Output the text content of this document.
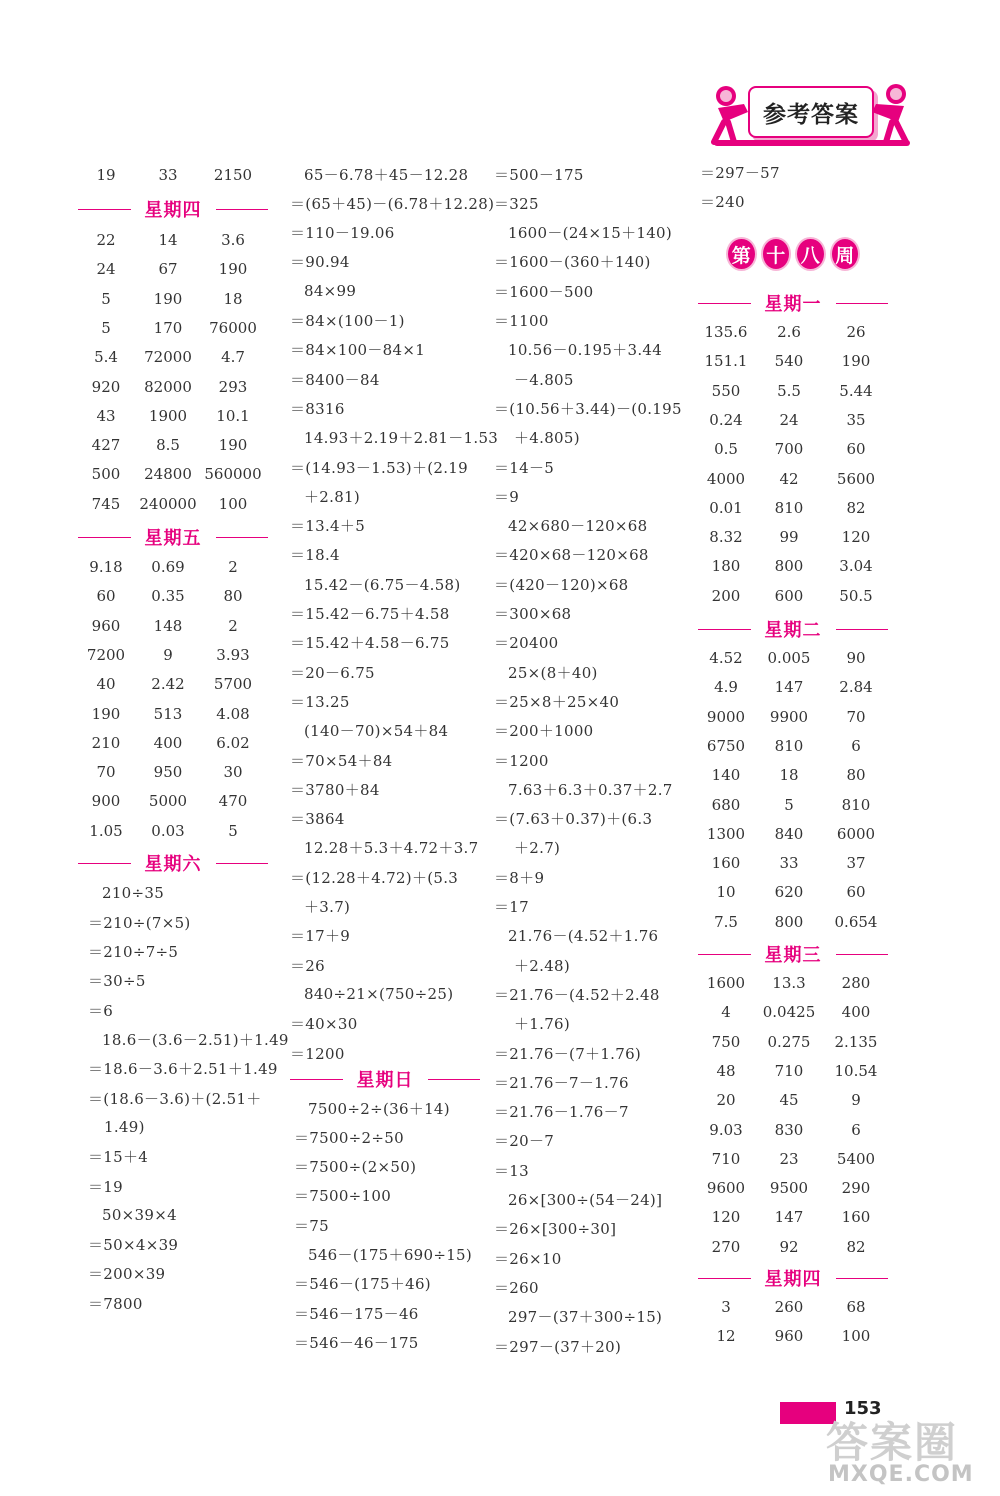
参考答案
19	33	2150
星期四
22	14	3.6
24	67	190
5	190	18
5	170	76000
5.4	72000	4.7
920	82000	293
43	1900	10.1
427	8.5	190
500	24800 560000
745	240000	100
星期五
9.18	0.69	2
60	0.35	80
960	148	2
7200	9	3.93
40	2.42	5700
190	513	4.08
210	400	6.02
70	950	30
900	5000	470
1.05	0.03	5
星期六
210÷35
＝210÷(7×5)
＝210÷7÷5
＝30÷5
＝6
18.6－(3.6－2.51)＋1.49
＝18.6－3.6＋2.51＋1.49
＝(18.6－3.6)＋(2.51＋
1.49)
＝15＋4
＝19
50×39×4
＝50×4×39
＝200×39
＝7800
65－6.78＋45－12.28
＝(65＋45)－(6.78＋12.28)
＝110－19.06
＝90.94
84×99
＝84×(100－1)
＝84×100－84×1
＝8400－84
＝8316
14.93＋2.19＋2.81－1.53
＝(14.93－1.53)＋(2.19
＋2.81)
＝13.4＋5
＝18.4
15.42－(6.75－4.58)
＝15.42－6.75＋4.58
＝15.42＋4.58－6.75
＝20－6.75
＝13.25
(140－70)×54＋84
＝70×54＋84
＝3780＋84
＝3864
12.28＋5.3＋4.72＋3.7
＝(12.28＋4.72)＋(5.3
＋3.7)
＝17＋9
＝26
840÷21×(750÷25)
＝40×30
＝1200
星期日
7500÷2÷(36＋14)
＝7500÷2÷50
＝7500÷(2×50)
＝7500÷100
＝75
546－(175＋690÷15)
＝546－(175＋46)
＝546－175－46
＝546－46－175
＝500－175
＝325
1600－(24×15＋140)
＝1600－(360＋140)
＝1600－500
＝1100
10.56－0.195＋3.44
－4.805
＝(10.56＋3.44)－(0.195
＋4.805)
＝14－5
＝9
42×680－120×68
＝420×68－120×68
＝(420－120)×68
＝300×68
＝20400
25×(8＋40)
＝25×8＋25×40
＝200＋1000
＝1200
7.63＋6.3＋0.37＋2.7
＝(7.63＋0.37)＋(6.3
＋2.7)
＝8＋9
＝17
21.76－(4.52＋1.76
＋2.48)
＝21.76－(4.52＋2.48
＋1.76)
＝21.76－(7＋1.76)
＝21.76－7－1.76
＝21.76－1.76－7
＝20－7
＝13
26×[300÷(54－24)]
＝26×[300÷30]
＝26×10
＝260
297－(37＋300÷15)
＝297－(37＋20)
＝297－57
＝240
星期一
135.6	2.6	26
151.1	540	190
550	5.5	5.44
0.24	24	35
0.5	700	60
4000	42	5600
0.01	810	82
8.32	99	120
180	800	3.04
200	600	50.5
星期二
4.52	0.005	90
4.9	147	2.84
9000	9900	70
6750	810	6
140	18	80
680	5	810
1300	840	6000
160	33	37
10	620	60
7.5	800	0.654
星期三
1600	13.3	280
4	0.0425	400
750	0.275	2.135
48	710	10.54
20	45	9
9.03	830	6
710	23	5400
9600	9500	290
120	147	160
270	92	82
星期四
3	260	68
12	960	100
第 十 八 周
153
答案圈
MXQE.COM
